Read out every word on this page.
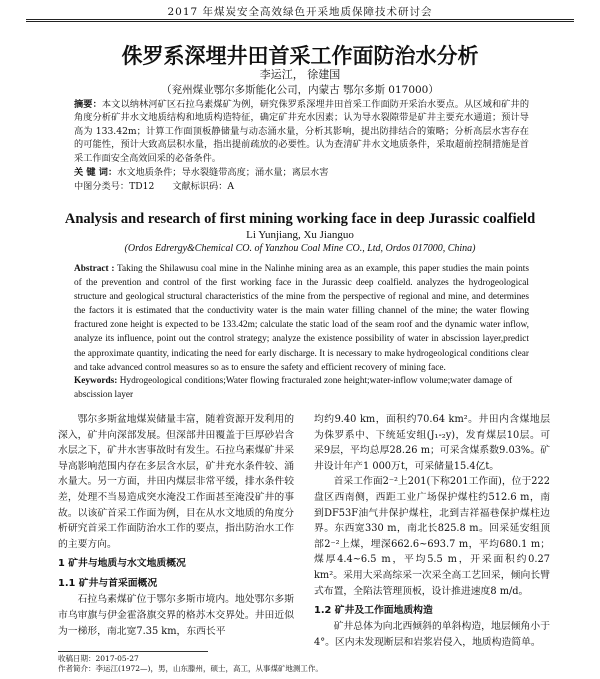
2017 年煤炭安全高效绿色开采地质保障技术研讨会
侏罗系深埋井田首采工作面防治水分析
李运江， 徐建国
（兖州煤业鄂尔多斯能化公司，内蒙古 鄂尔多斯 017000）
摘要：本文以纳林河矿区石拉乌素煤矿为例，研究侏罗系深埋井田首采工作面防开采治水要点。从区域和矿井的角度分析矿井水文地质结构和地质构造特征，确定矿井充水因素；认为导水裂隙带是矿井主要充水通道；预计导高为 133.42m；计算工作面顶板静储量与动态涌水量，分析其影响，提出防排结合的策略；分析高层水害存在的可能性，预计大致高层积水量，指出提前疏放的必要性。认为查清矿井水文地质条件，采取超前控制措施是首采工作面安全高效回采的必备条件。
关 键 词：水文地质条件；导水裂缝带高度；涌水量；离层水害
中图分类号：TD12 文献标识码：A
Analysis and research of first mining working face in deep Jurassic coalfield
Li Yunjiang, Xu Jianguo
(Ordos Edrergy&Chemical CO. of Yanzhou Coal Mine CO., Ltd, Ordos 017000, China)
Abstract : Taking the Shilawusu coal mine in the Nalinhe mining area as an example, this paper studies the main points of the prevention and control of the first working face in the Jurassic deep coalfield. analyzes the hydrogeological structure and geological structural characteristics of the mine from the perspective of regional and mine, and determines the factors it is estimated that the conductivity water is the main water filling channel of the mine; the water flowing fractured zone height is expected to be 133.42m; calculate the static load of the seam roof and the dynamic water inflow, analyze its influence, point out the control strategy; analyze the existence possibility of water in abscission layer,predict the approximate quantity, indicating the need for early discharge. It is necessary to make hydrogeological conditions clear and take advanced control measures so as to ensure the safety and efficient recovery of mining face.
Keywords: Hydrogeological conditions;Water flowing fracturaled zone height;water-inflow volume;water damage of abscission layer

鄂尔多斯盆地煤炭储量丰富，随着资源开发利用的深入，矿井向深部发展。但深部井田覆盖于巨厚砂岩含水层之下，矿井水害事故时有发生。石拉乌素煤矿井采导高影响范围内存在多层含水层，矿井充水条件较、涌水量大。另一方面，井田内煤层非常平缓，排水条件较差，处理不当易造成突水淹没工作面甚至淹没矿井的事故。以该矿首采工作面为例，目在从水文地质的角度分析研究首采工作面防治水工作的要点，指出防治水工作的主要方向。

1 矿井与地质与水文地质概况
1.1 矿井与首采面概况

石拉乌素煤矿位于鄂尔多斯市境内。地处鄂尔多斯市乌审旗与伊金霍洛旗交界的格苏木交界处。井田近似为一梯形，南北宽7.35 km，东西长平

均约9.40 km，面积约70.64 km²。井田内含煤地层为侏罗系中、下统延安组(J₁-₂y)，发育煤层10层。可采9层，平均总厚28.26 m；可采含煤系数9.03%。矿井设计年产1 000万t，可采储量15.4亿t。

首采工作面2⁻²上201(下称201工作面)，位于222盘区西南侧，西距工业广场保护煤柱约512.6 m，南到DF53F油气井保护煤柱，北到吉祥福巷保护煤柱边界。东西宽330 m，南北长825.8 m。回采延安组顶部2⁻²上煤，埋深662.6~693.7 m，平均680.1 m；煤厚4.4~6.5 m，平均5.5 m，开采面积约0.27 km²。采用大采高综采一次采全高工艺回采，倾向长臂式布置，全陷法管理顶板，设计推进速度8 m/d。

1.2 矿井及工作面地质构造

矿井总体为向北西倾斜的单斜构造，地层倾角小于4°。区内未发现断层和岩浆岩侵入，地质构造简单。

收稿日期：2017-05-27
作者简介：李运江(1972—)，男，山东滕州，硕士，高工，从事煤矿地测工作。
